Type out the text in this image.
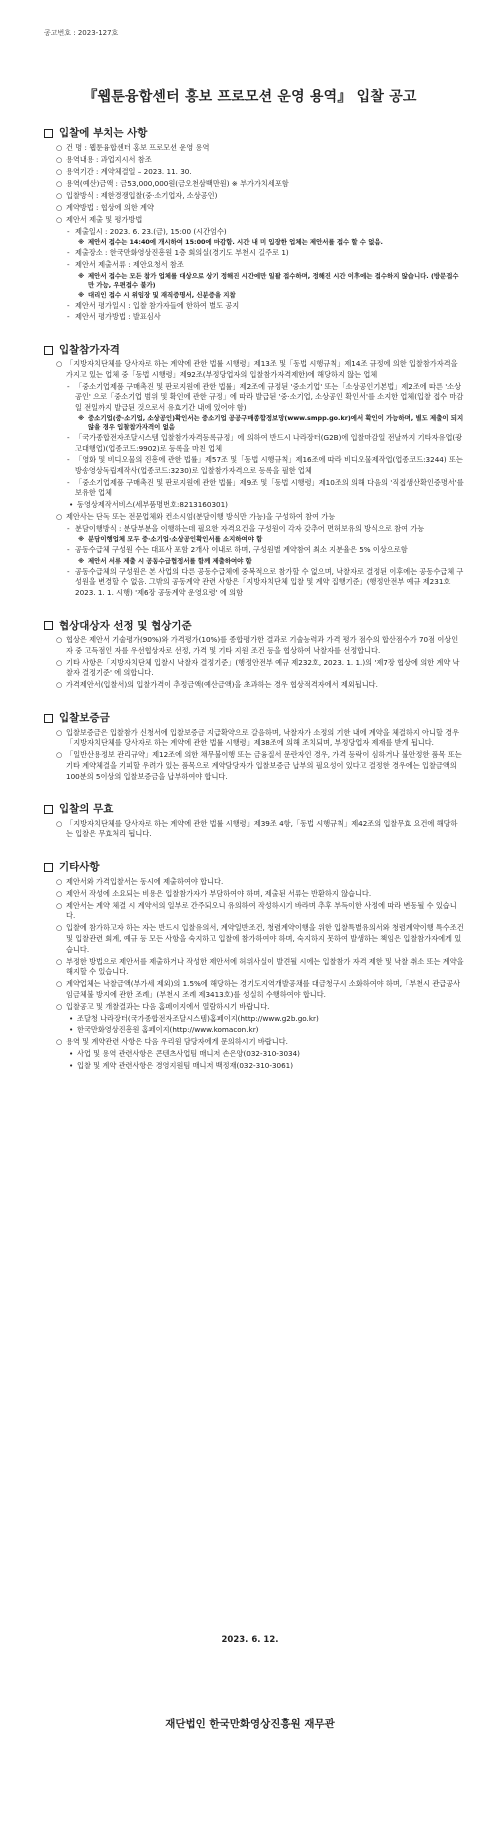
공고번호 : 2023-127호
『웹툰융합센터 홍보 프로모션 운영 용역』 입찰 공고
입찰에 부치는 사항
○ 건 명 : 웹툰융합센터 홍보 프로모션 운영 용역
○ 용역내용 : 과업지시서 참조
○ 용역기간 : 계약체결일 – 2023. 11. 30.
○ 용역(예산)금액 : 금53,000,000원(금오천삼백만원) ※ 부가가치세포함
○ 입찰방식 : 제한경쟁입찰(중·소기업자, 소상공인)
○ 계약방법 : 협상에 의한 계약
○ 제안서 제출 및 평가방법
- 제출일시 : 2023. 6. 23.(금), 15:00 (시간엄수)
※ 제안서 접수는 14:40에 개시하여 15:00에 마감함. 시간 내 미 입장한 업체는 제안서를 접수 할 수 없음.
- 제출장소 : 한국만화영상진흥원 1층 회의실(경기도 부천시 길주로 1)
- 제안서 제출서류 : 제안요청서 참조
※ 제안서 접수는 모든 참가 업체를 대상으로 상기 정해진 시간에만 일괄 접수하며, 정해진 시간 이후에는 접수하지 않습니다. (방문접수만 가능, 우편접수 불가)
※ 대리인 접수 시 위임장 및 재직증명서, 신분증을 지참
- 제안서 평가일시 : 입찰 참가자들에 한하여 별도 공지
- 제안서 평가방법 : 발표심사
입찰참가자격
○ 「지방자치단체를 당사자로 하는 계약에 관한 법률 시행령」제13조 및「동법 시행규칙」제14조 규정에 의한 입찰참가자격을 가지고 있는 업체 중「동법 시행령」제92조(부정당업자의 입찰참가자격제한)에 해당하지 않는 업체
- 「중소기업제품 구매촉진 및 판로지원에 관한 법률」제2조에 규정된 '중소기업' 또는「소상공인기본법」제2조에 따른 '소상공인' 으로「중소기업 범위 및 확인에 관한 규정」에 따라 발급된 '중·소기업, 소상공인 확인서'를 소지한 업체(입찰 접수 마감일 전일까지 발급된 것으로서 유효기간 내에 있어야 함)
※ 중소기업(중·소기업, 소상공인)확인서는 중소기업 공공구매종합정보망(www.smpp.go.kr)에서 확인이 가능하며, 별도 제출이 되지 않을 경우 입찰참가자격이 없음
- 「국가종합전자조달시스템 입찰참가자격등록규정」에 의하여 반드시 나라장터(G2B)에 입찰마감일 전날까지 기타자유업(광고대행업)(업종코드:9902)로 등록을 마친 업체
- 「영화 및 비디오물의 진흥에 관한 법률」제57조 및「동법 시행규칙」제16조에 따라 비디오물제작업(업종코드:3244) 또는 방송영상독립제작사(업종코드:3230)로 입찰참가자격으로 등록을 필한 업체
- 「중소기업제품 구매촉진 및 판로지원에 관한 법률」제9조 및「동법 시행령」제10조의 의해 다음의 '직접생산확인증명서'를 보유한 업체
• 동영상제작서비스(세부품명번호:8213160301)
○ 제안사는 단독 또는 전문업체와 컨소시엄(분담이행 방식만 가능)을 구성하여 참여 가능
- 분담이행방식 : 분담부분을 이행하는데 필요한 자격요건을 구성원이 각자 갖추어 면허보유의 방식으로 참여 가능
※ 분담이행업체 모두 중·소기업·소상공인확인서를 소지하여야 함
- 공동수급체 구성원 수는 대표사 포함 2개사 이내로 하며, 구성원별 계약참여 최소 지분율은 5% 이상으로함
※ 제안서 서류 제출 시 공동수급협정서를 함께 제출하여야 함
- 공동수급체의 구성원은 본 사업의 다른 공동수급체에 중복적으로 참가할 수 없으며, 낙찰자로 결정된 이후에는 공동수급체 구성원을 변경할 수 없음. 그밖의 공동계약 관련 사항은「지방자치단체 입찰 및 계약 집행기준」(행정안전부 예규 제231호 2023. 1. 1. 시행) '제6장 공동계약 운영요령' 에 의함
협상대상자 선정 및 협상기준
○ 협상은 제안서 기술평가(90%)와 가격평가(10%)를 종합평가한 결과로 기술능력과 가격 평가 점수의 합산점수가 70점 이상인 자 중 고득점인 자를 우선협상자로 선정, 가격 및 기타 지원 조건 등을 협상하여 낙찰자를 선정합니다.
○ 기타 사항은「지방자치단체 입찰시 낙찰자 결정기준」(행정안전부 예규 제232호, 2023. 1. 1.)의 '제7장 협상에 의한 계약 낙찰자 결정기준' 에 의합니다.
○ 가격제안서(입찰서)의 입찰가격이 추정금액(예산금액)을 초과하는 경우 협상적격자에서 제외됩니다.
입찰보증금
○ 입찰보증금은 입찰참가 신청서에 입찰보증금 지급확약으로 갈음하며, 낙찰자가 소정의 기한 내에 계약을 체결하지 아니할 경우「지방자치단체를 당사자로 하는 계약에 관한 법률 시행령」제38조에 의해 조치되며, 부정당업자 제재를 받게 됩니다.
○ 「일반산용정보 관리규약」제12조에 의한 채무불이행 또는 금융질서 문란자인 경우, 가격 등락이 심하거나 불안정한 품목 또는 기타 계약체결을 기피할 우려가 있는 품목으로 계약담당자가 입찰보증금 납부의 필요성이 있다고 결정한 경우에는 입찰금액의 100분의 5이상의 입찰보증금을 납부하여야 합니다.
입찰의 무효
○ 「지방자치단체를 당사자로 하는 계약에 관한 법률 시행령」제39조 4항,「동법 시행규칙」제42조의 입찰무효 요건에 해당하는 입찰은 무효처리 됩니다.
기타사항
○ 제안서와 가격입찰서는 동시에 제출하여야 합니다.
○ 제안서 작성에 소요되는 비용은 입찰참가자가 부담하여야 하며, 제출된 서류는 반환하지 않습니다.
○ 제안서는 계약 체결 시 계약서의 일부로 간주되오니 유의하여 작성하시기 바라며 추후 부득이한 사정에 따라 변동될 수 있습니다.
○ 입찰에 참가하고자 하는 자는 반드시 입찰유의서, 계약일반조건, 청렴계약이행을 위한 입찰특별유의서와 청렴계약이행 특수조건 및 입찰관련 회계, 예규 등 모든 사항을 숙지하고 입찰에 참가하여야 하며, 숙지하지 못하여 발생하는 책임은 입찰참가자에게 있습니다.
○ 부정한 방법으로 제안서를 제출하거나 작성한 제안서에 허위사실이 발견될 시에는 입찰참가 자격 제한 및 낙찰 취소 또는 계약을 해지할 수 있습니다.
○ 계약업체는 낙찰금액(부가세 제외)의 1.5%에 해당하는 경기도지역개발공채를 대금청구시 소화하여야 하며,「부천시 관급공사 임금체불 방지에 관한 조례」(부천시 조례 제3413호)를 성실히 수행하여야 합니다.
○ 입찰공고 및 개찰결과는 다음 홈페이지에서 열람하시기 바랍니다.
• 조달청 나라장터(국가종합전자조달시스템)홈페이지(http://www.g2b.go.kr)
• 한국만화영상진흥원 홈페이지(http://www.komacon.kr)
○ 용역 및 계약관련 사항은 다음 우리원 담당자에게 문의하시기 바랍니다.
• 사업 및 용역 관련사항은 콘텐츠사업팀 매니저 손은양(032-310-3034)
• 입찰 및 계약 관련사항은 경영지원팀 매니저 백정재(032-310-3061)
2023. 6. 12.
재단법인 한국만화영상진흥원 재무관
